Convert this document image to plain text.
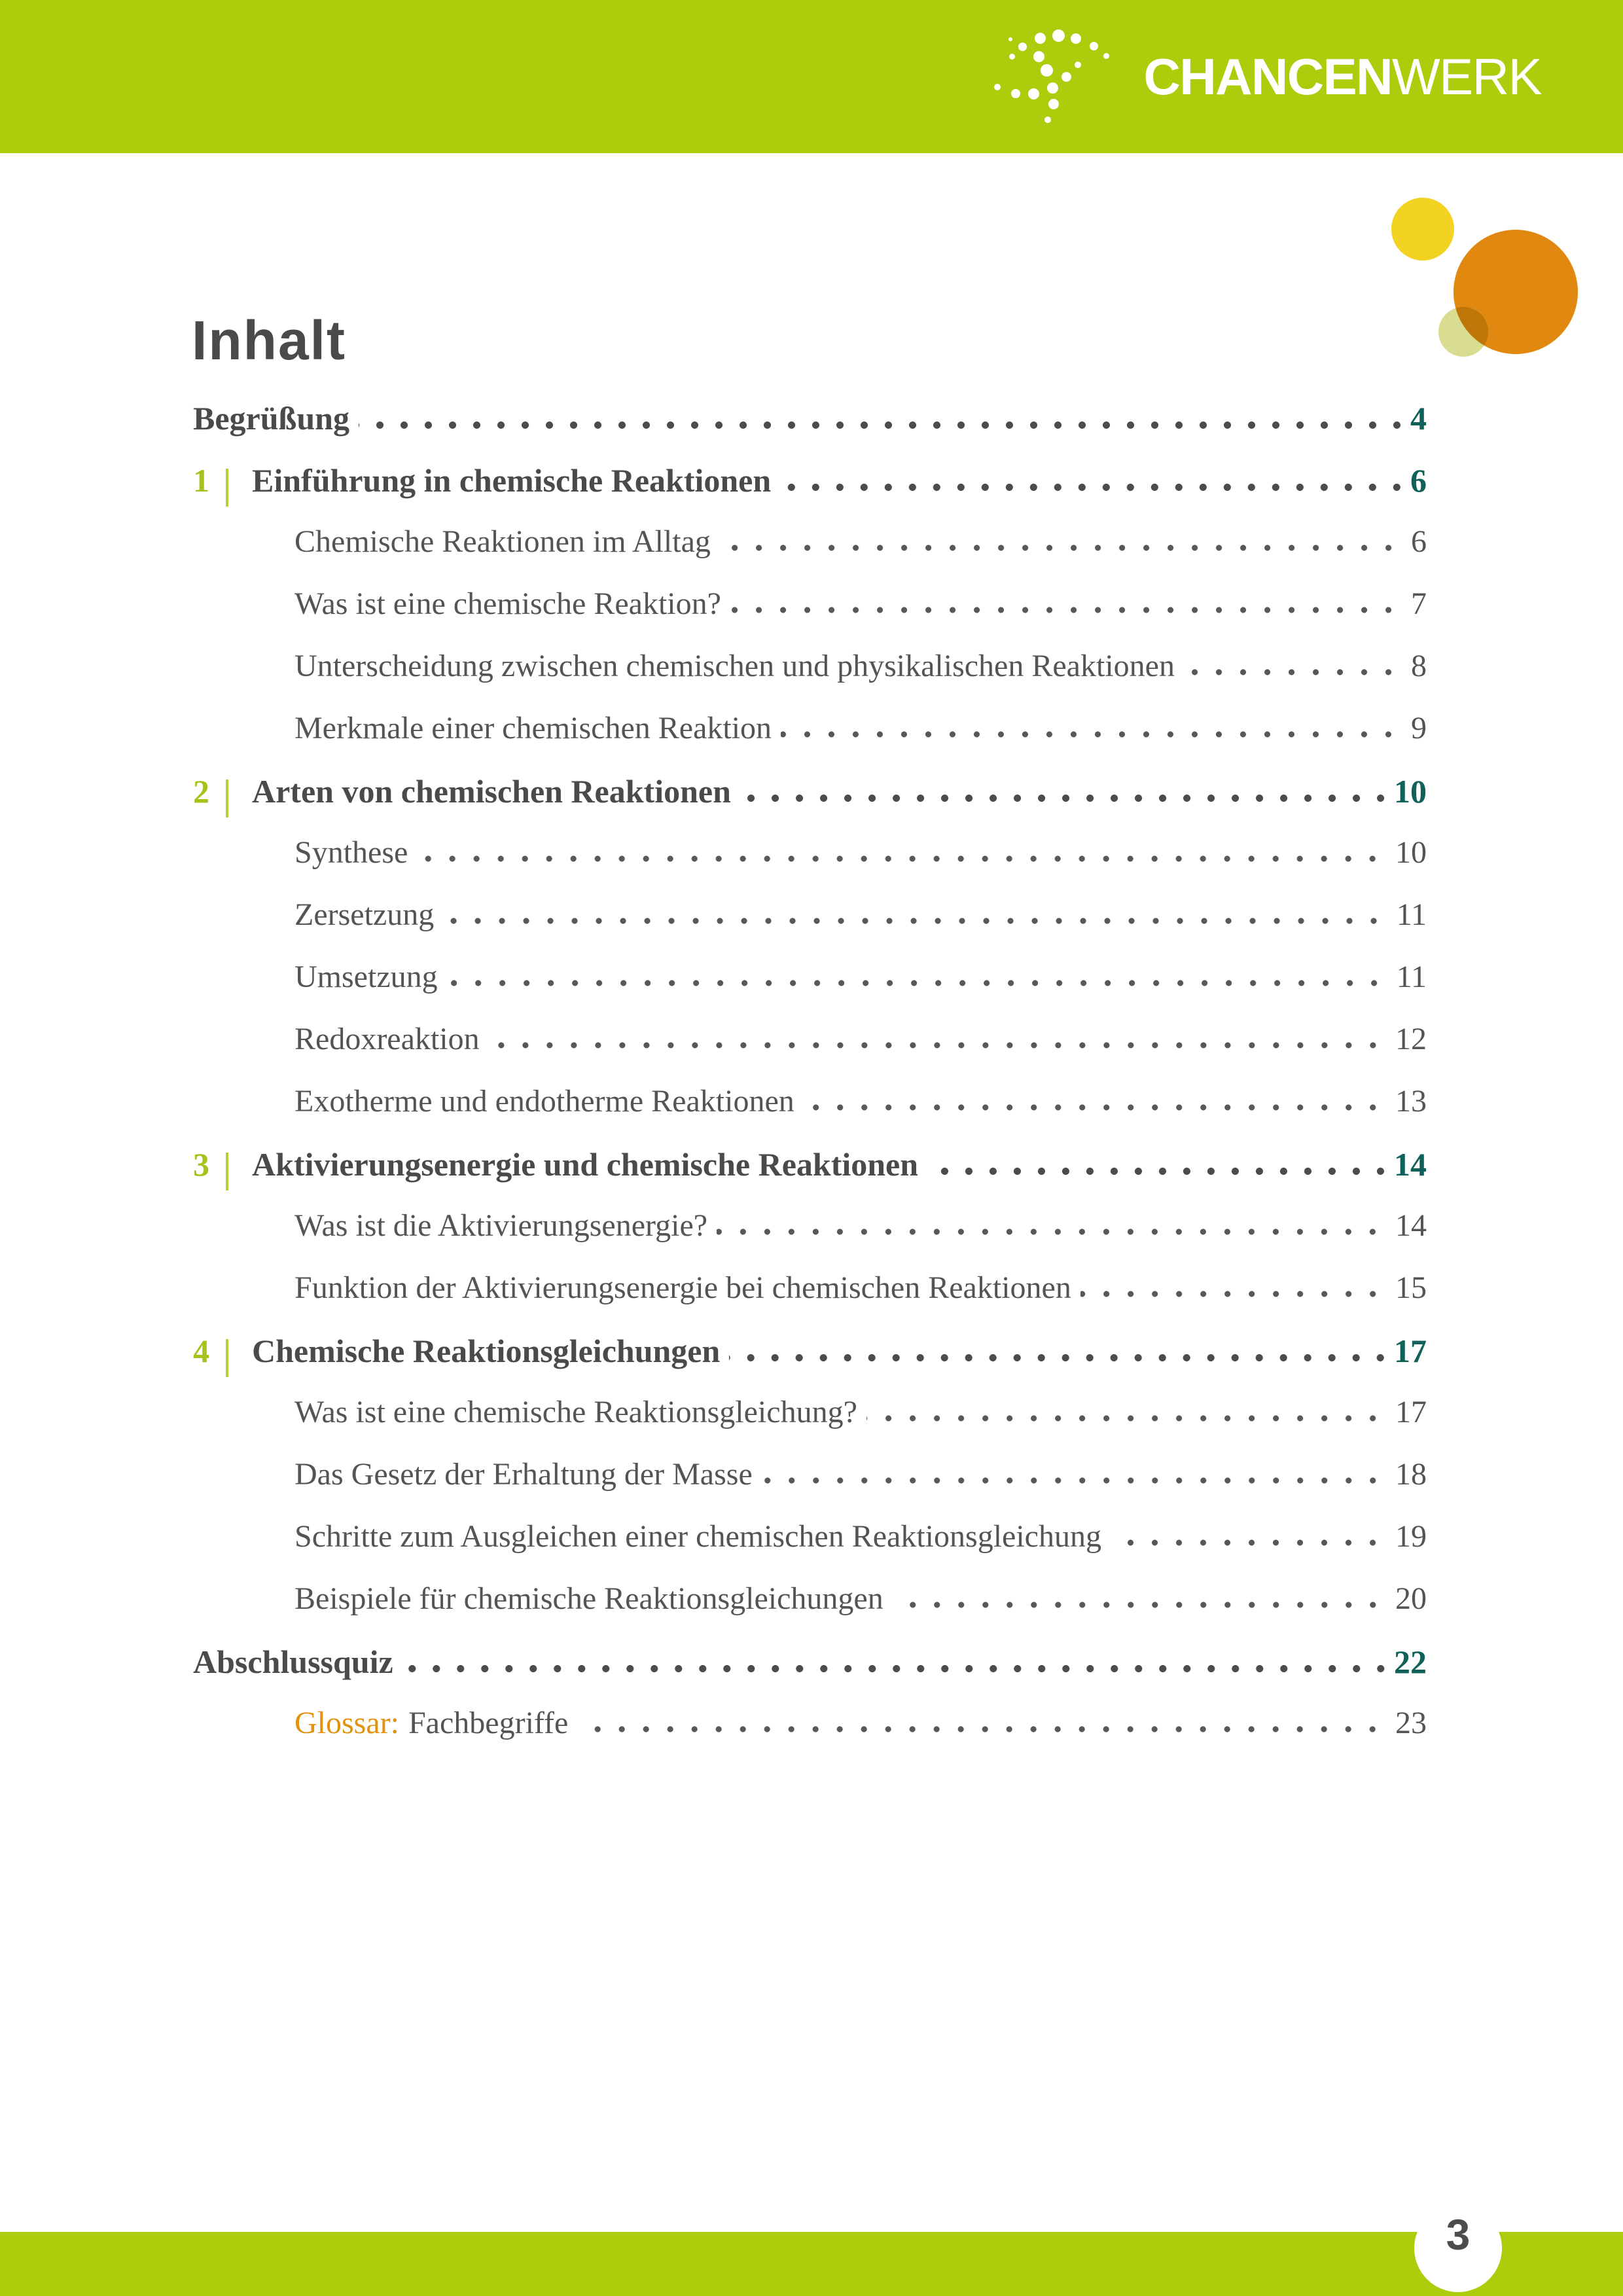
CHANCENWERK
Inhalt
Begrüßung	4
1	Einführung in chemische Reaktionen	6
Chemische Reaktionen im Alltag	6
Was ist eine chemische Reaktion?	7
Unterscheidung zwischen chemischen und physikalischen Reaktionen	8
Merkmale einer chemischen Reaktion	9
2	Arten von chemischen Reaktionen	10
Synthese	10
Zersetzung	11
Umsetzung	11
Redoxreaktion	12
Exotherme und endotherme Reaktionen	13
3	Aktivierungsenergie und chemische Reaktionen	14
Was ist die Aktivierungsenergie?	14
Funktion der Aktivierungsenergie bei chemischen Reaktionen	15
4	Chemische Reaktionsgleichungen	17
Was ist eine chemische Reaktionsgleichung?	17
Das Gesetz der Erhaltung der Masse	18
Schritte zum Ausgleichen einer chemischen Reaktionsgleichung	19
Beispiele für chemische Reaktionsgleichungen	20
Abschlussquiz	22
Glossar: Fachbegriffe	23
3
